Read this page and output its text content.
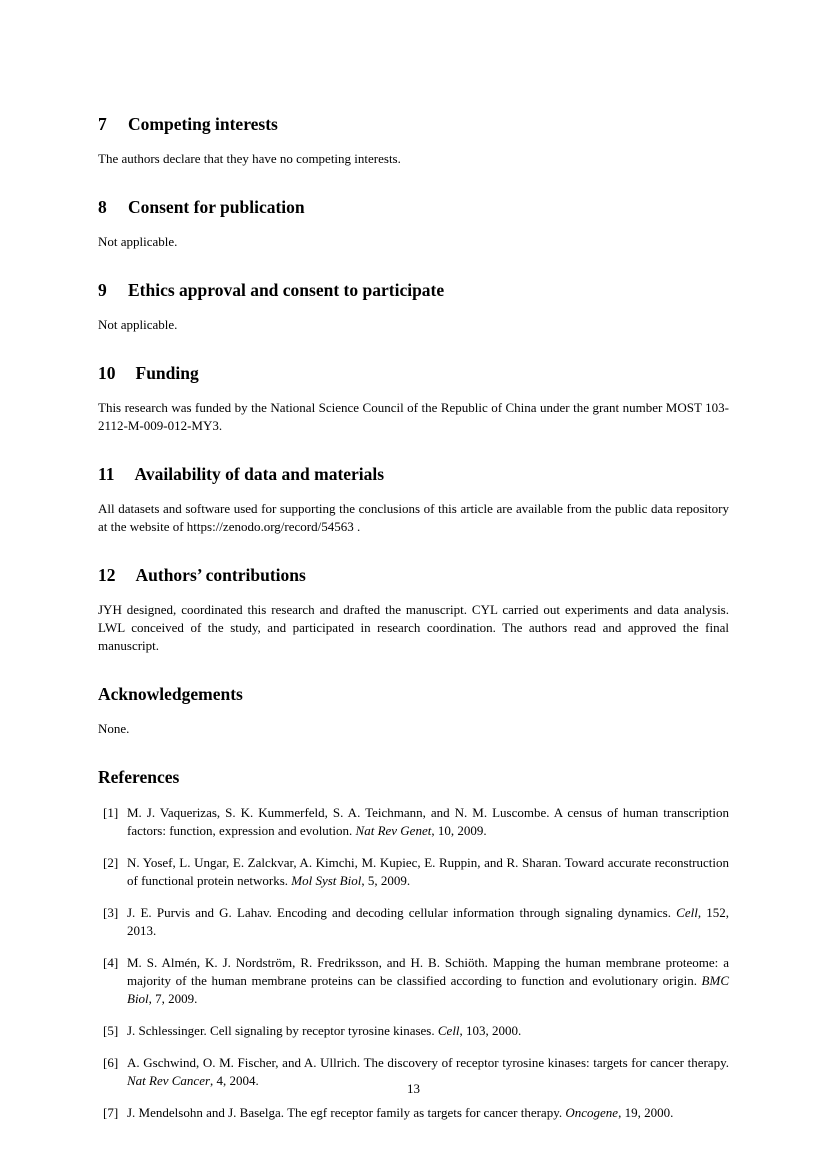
7 Competing interests

The authors declare that they have no competing interests.

8 Consent for publication

Not applicable.

9 Ethics approval and consent to participate

Not applicable.

10 Funding

This research was funded by the National Science Council of the Republic of China under the grant number MOST 103-2112-M-009-012-MY3.

11 Availability of data and materials

All datasets and software used for supporting the conclusions of this article are available from the public data repository at the website of https://zenodo.org/record/54563 .

12 Authors’ contributions

JYH designed, coordinated this research and drafted the manuscript. CYL carried out experiments and data analysis. LWL conceived of the study, and participated in research coordination. The authors read and approved the final manuscript.

Acknowledgements

None.

References
[1] M. J. Vaquerizas, S. K. Kummerfeld, S. A. Teichmann, and N. M. Luscombe. A census of human transcription factors: function, expression and evolution. Nat Rev Genet, 10, 2009.
[2] N. Yosef, L. Ungar, E. Zalckvar, A. Kimchi, M. Kupiec, E. Ruppin, and R. Sharan. Toward accurate reconstruction of functional protein networks. Mol Syst Biol, 5, 2009.
[3] J. E. Purvis and G. Lahav. Encoding and decoding cellular information through signaling dynamics. Cell, 152, 2013.
[4] M. S. Almén, K. J. Nordström, R. Fredriksson, and H. B. Schiöth. Mapping the human membrane proteome: a majority of the human membrane proteins can be classified according to function and evolutionary origin. BMC Biol, 7, 2009.
[5] J. Schlessinger. Cell signaling by receptor tyrosine kinases. Cell, 103, 2000.
[6] A. Gschwind, O. M. Fischer, and A. Ullrich. The discovery of receptor tyrosine kinases: targets for cancer therapy. Nat Rev Cancer, 4, 2004.
[7] J. Mendelsohn and J. Baselga. The egf receptor family as targets for cancer therapy. Oncogene, 19, 2000.
13
